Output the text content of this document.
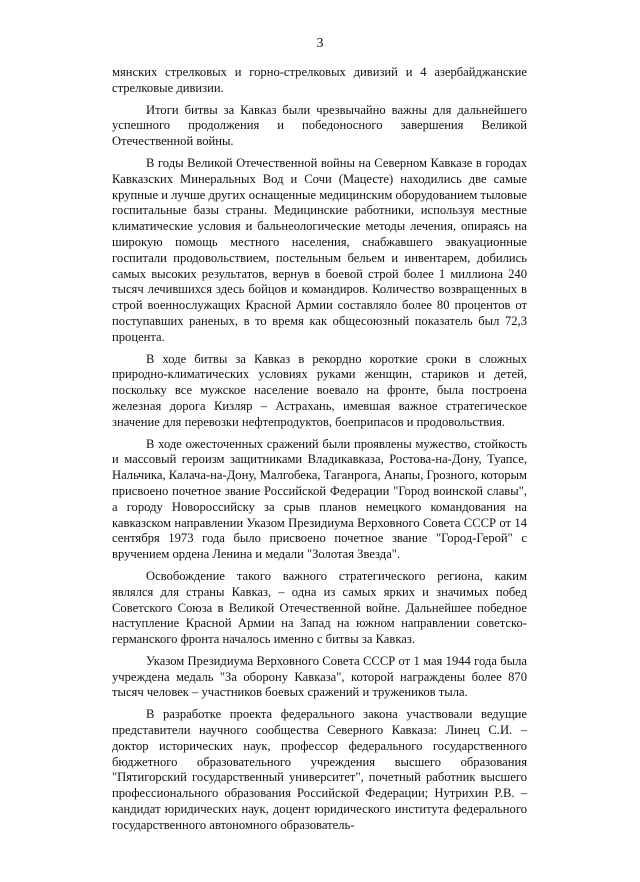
3

мянских стрелковых и горно-стрелковых дивизий и 4 азербайджанские стрелковые дивизии.

Итоги битвы за Кавказ были чрезвычайно важны для дальнейшего успешного продолжения и победоносного завершения Великой Отечественной войны.

В годы Великой Отечественной войны на Северном Кавказе в городах Кавказских Минеральных Вод и Сочи (Мацесте) находились две самые крупные и лучше других оснащенные медицинским оборудованием тыловые госпитальные базы страны. Медицинские работники, используя местные климатические условия и бальнеологические методы лечения, опираясь на широкую помощь местного населения, снабжавшего эвакуационные госпитали продовольствием, постельным бельем и инвентарем, добились самых высоких результатов, вернув в боевой строй более 1 миллиона 240 тысяч лечившихся здесь бойцов и командиров. Количество возвращенных в строй военнослужащих Красной Армии составляло более 80 процентов от поступавших раненых, в то время как общесоюзный показатель был 72,3 процента.

В ходе битвы за Кавказ в рекордно короткие сроки в сложных природно-климатических условиях руками женщин, стариков и детей, поскольку все мужское население воевало на фронте, была построена железная дорога Кизляр – Астрахань, имевшая важное стратегическое значение для перевозки нефтепродуктов, боеприпасов и продовольствия.

В ходе ожесточенных сражений были проявлены мужество, стойкость и массовый героизм защитниками Владикавказа, Ростова-на-Дону, Туапсе, Нальчика, Калача-на-Дону, Малгобека, Таганрога, Анапы, Грозного, которым присвоено почетное звание Российской Федерации "Город воинской славы", а городу Новороссийску за срыв планов немецкого командования на кавказском направлении Указом Президиума Верховного Совета СССР от 14 сентября 1973 года было присвоено почетное звание "Город-Герой" с вручением ордена Ленина и медали "Золотая Звезда".

Освобождение такого важного стратегического региона, каким являлся для страны Кавказ, – одна из самых ярких и значимых побед Советского Союза в Великой Отечественной войне. Дальнейшее победное наступление Красной Армии на Запад на южном направлении советско-германского фронта началось именно с битвы за Кавказ.

Указом Президиума Верховного Совета СССР от 1 мая 1944 года была учреждена медаль "За оборону Кавказа", которой награждены более 870 тысяч человек – участников боевых сражений и тружеников тыла.

В разработке проекта федерального закона участвовали ведущие представители научного сообщества Северного Кавказа: Линец С.И. – доктор исторических наук, профессор федерального государственного бюджетного образовательного учреждения высшего образования "Пятигорский государственный университет", почетный работник высшего профессионального образования Российской Федерации; Нутрихин Р.В. – кандидат юридических наук, доцент юридического института федерального государственного автономного образователь-
